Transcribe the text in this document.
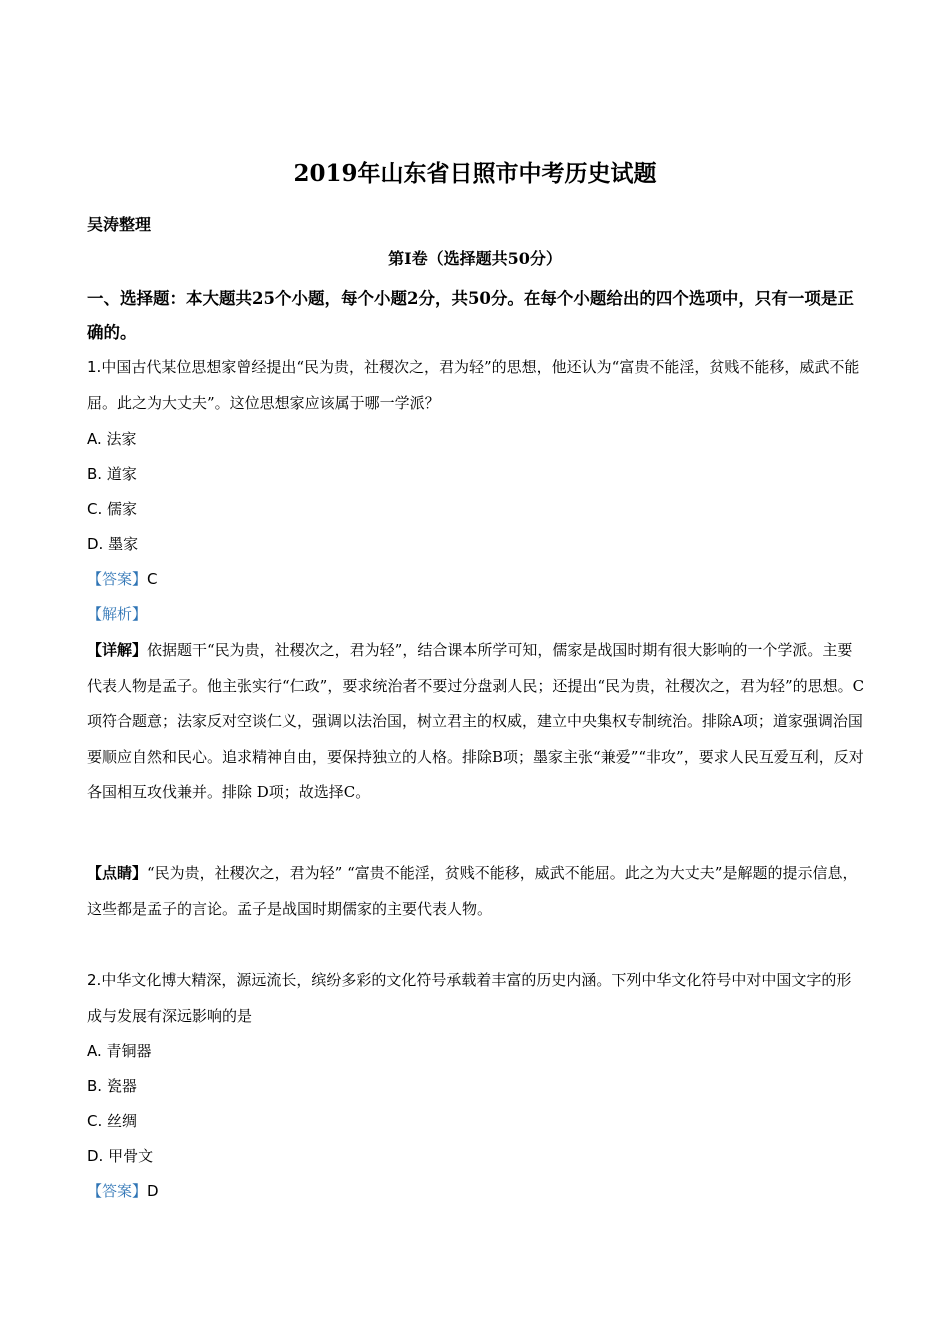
2019年山东省日照市中考历史试题
吴涛整理
第Ⅰ卷（选择题共50分）
一、选择题：本大题共25个小题，每个小题2分，共50分。在每个小题给出的四个选项中，只有一项是正确的。
1.中国古代某位思想家曾经提出“民为贵，社稷次之，君为轻”的思想，他还认为“富贵不能淫，贫贱不能移，威武不能屈。此之为大丈夫”。这位思想家应该属于哪一学派？
A. 法家
B. 道家
C. 儒家
D. 墨家
【答案】C
【解析】
【详解】依据题干“民为贵，社稷次之，君为轻”，结合课本所学可知，儒家是战国时期有很大影响的一个学派。主要代表人物是孟子。他主张实行“仁政”，要求统治者不要过分盘剥人民；还提出“民为贵，社稷次之，君为轻”的思想。C项符合题意；法家反对空谈仁义，强调以法治国，树立君主的权威，建立中央集权专制统治。排除A项；道家强调治国要顺应自然和民心。追求精神自由，要保持独立的人格。排除B项；墨家主张“兼爱”“非攻”，要求人民互爱互利，反对各国相互攻伐兼并。排除 D项；故选择C。
【点睛】“民为贵，社稷次之，君为轻” “富贵不能淫，贫贱不能移，威武不能屈。此之为大丈夫”是解题的提示信息，这些都是孟子的言论。孟子是战国时期儒家的主要代表人物。
2.中华文化博大精深，源远流长，缤纷多彩的文化符号承载着丰富的历史内涵。下列中华文化符号中对中国文字的形成与发展有深远影响的是
A. 青铜器
B. 瓷器
C. 丝绸
D. 甲骨文
【答案】D
